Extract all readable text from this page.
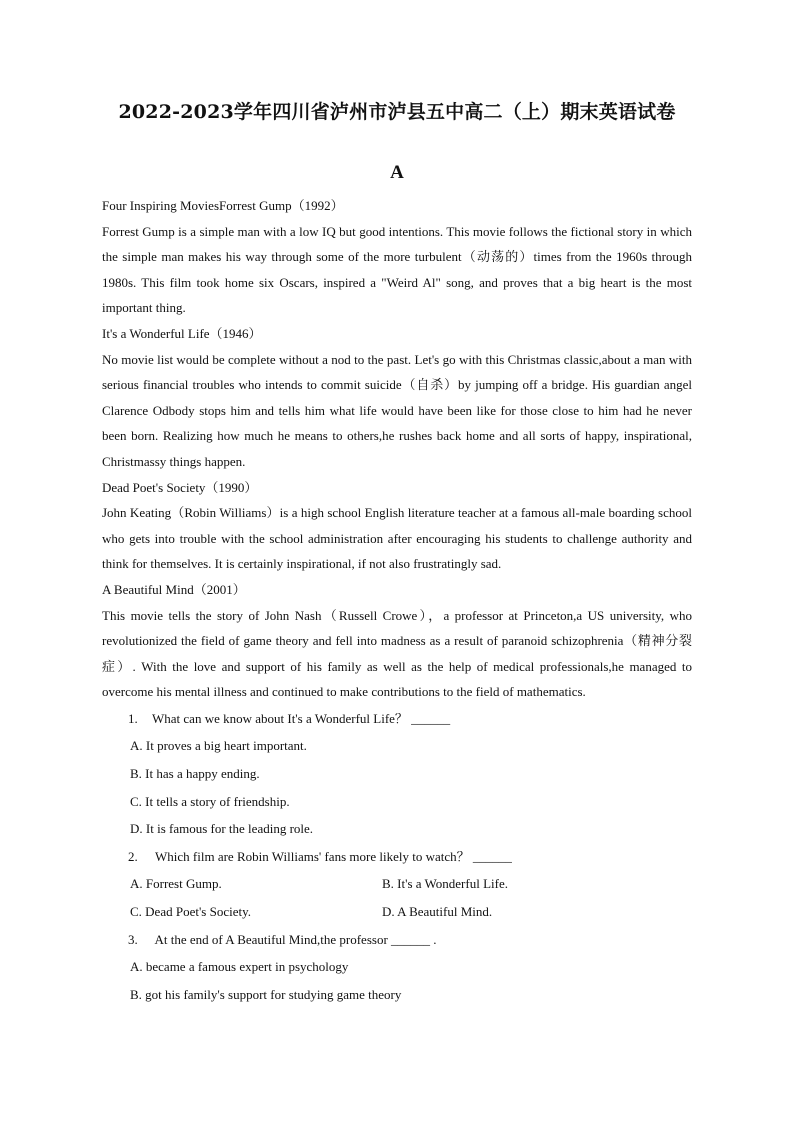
2022-2023学年四川省泸州市泸县五中高二（上）期末英语试卷
A

Four Inspiring MoviesForrest Gump（1992）

Forrest Gump is a simple man with a low IQ but good intentions. This movie follows the fictional story in which the simple man makes his way through some of the more turbulent（动荡的）times from the 1960s through 1980s. This film took home six Oscars, inspired a "Weird Al" song, and proves that a big heart is the most important thing.

It's a Wonderful Life（1946）

No movie list would be complete without a nod to the past. Let's go with this Christmas classic,about a man with serious financial troubles who intends to commit suicide（自杀）by jumping off a bridge. His guardian angel Clarence Odbody stops him and tells him what life would have been like for those close to him had he never been born. Realizing how much he means to others,he rushes back home and all sorts of happy, inspirational, Christmassy things happen.

Dead Poet's Society（1990）

John Keating（Robin Williams）is a high school English literature teacher at a famous all-male boarding school who gets into trouble with the school administration after encouraging his students to challenge authority and think for themselves. It is certainly inspirational, if not also frustratingly sad.

A Beautiful Mind（2001）

This movie tells the story of John Nash（Russell Crowe），a professor at Princeton,a US university, who revolutionized the field of game theory and fell into madness as a result of paranoid schizophrenia（精神分裂症）. With the love and support of his family as well as the help of medical professionals,he managed to overcome his mental illness and continued to make contributions to the field of mathematics.

1. What can we know about It's a Wonderful Life？ ______

A. It proves a big heart important.

B. It has a happy ending.

C. It tells a story of friendship.

D. It is famous for the leading role.

2. Which film are Robin Williams' fans more likely to watch？ ______

A. Forrest Gump.	B. It's a Wonderful Life.
C. Dead Poet's Society.	D. A Beautiful Mind.

3. At the end of A Beautiful Mind,the professor ______ .

A. became a famous expert in psychology

B. got his family's support for studying game theory
